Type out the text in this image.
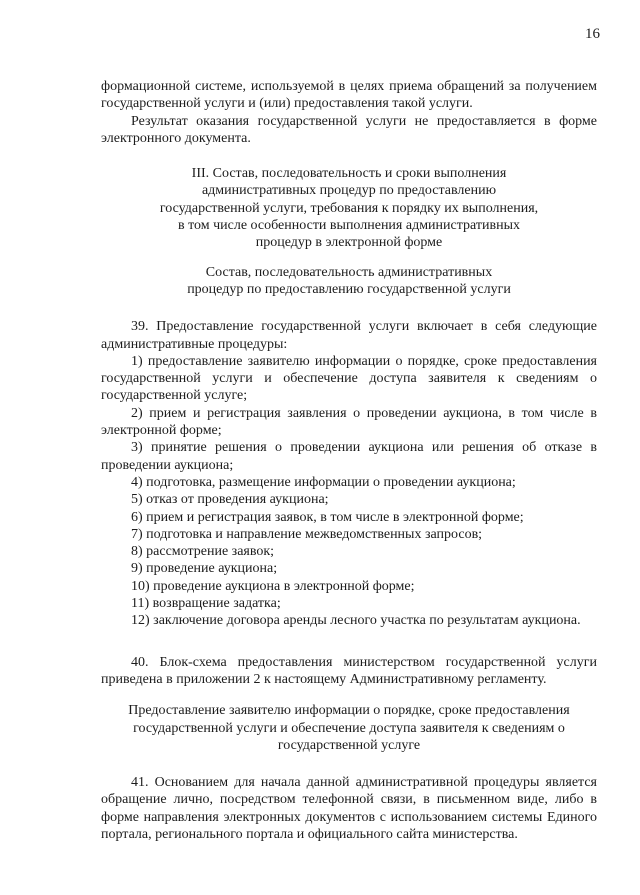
16

формационной системе, используемой в целях приема обращений за получением государственной услуги и (или) предоставления такой услуги.

Результат оказания государственной услуги не предоставляется в форме электронного документа.

III. Состав, последовательность и сроки выполнения
административных процедур по предоставлению
государственной услуги, требования к порядку их выполнения,
в том числе особенности выполнения административных
процедур в электронной форме
Состав, последовательность административных
процедур по предоставлению государственной услуги

39. Предоставление государственной услуги включает в себя следующие административные процедуры:

1) предоставление заявителю информации о порядке, сроке предоставления государственной услуги и обеспечение доступа заявителя к сведениям о государственной услуге;

2) прием и регистрация заявления о проведении аукциона, в том числе в электронной форме;

3) принятие решения о проведении аукциона или решения об отказе в проведении аукциона;

4) подготовка, размещение информации о проведении аукциона;

5) отказ от проведения аукциона;

6) прием и регистрация заявок, в том числе в электронной форме;

7) подготовка и направление межведомственных запросов;

8) рассмотрение заявок;

9) проведение аукциона;

10) проведение аукциона в электронной форме;

11) возвращение задатка;

12) заключение договора аренды лесного участка по результатам аукциона.

40. Блок-схема предоставления министерством государственной услуги приведена в приложении 2 к настоящему Административному регламенту.

Предоставление заявителю информации о порядке, сроке предоставления
государственной услуги и обеспечение доступа заявителя к сведениям о
государственной услуге

41. Основанием для начала данной административной процедуры является обращение лично, посредством телефонной связи, в письменном виде, либо в форме направления электронных документов с использованием системы Единого портала, регионального портала и официального сайта министерства.
